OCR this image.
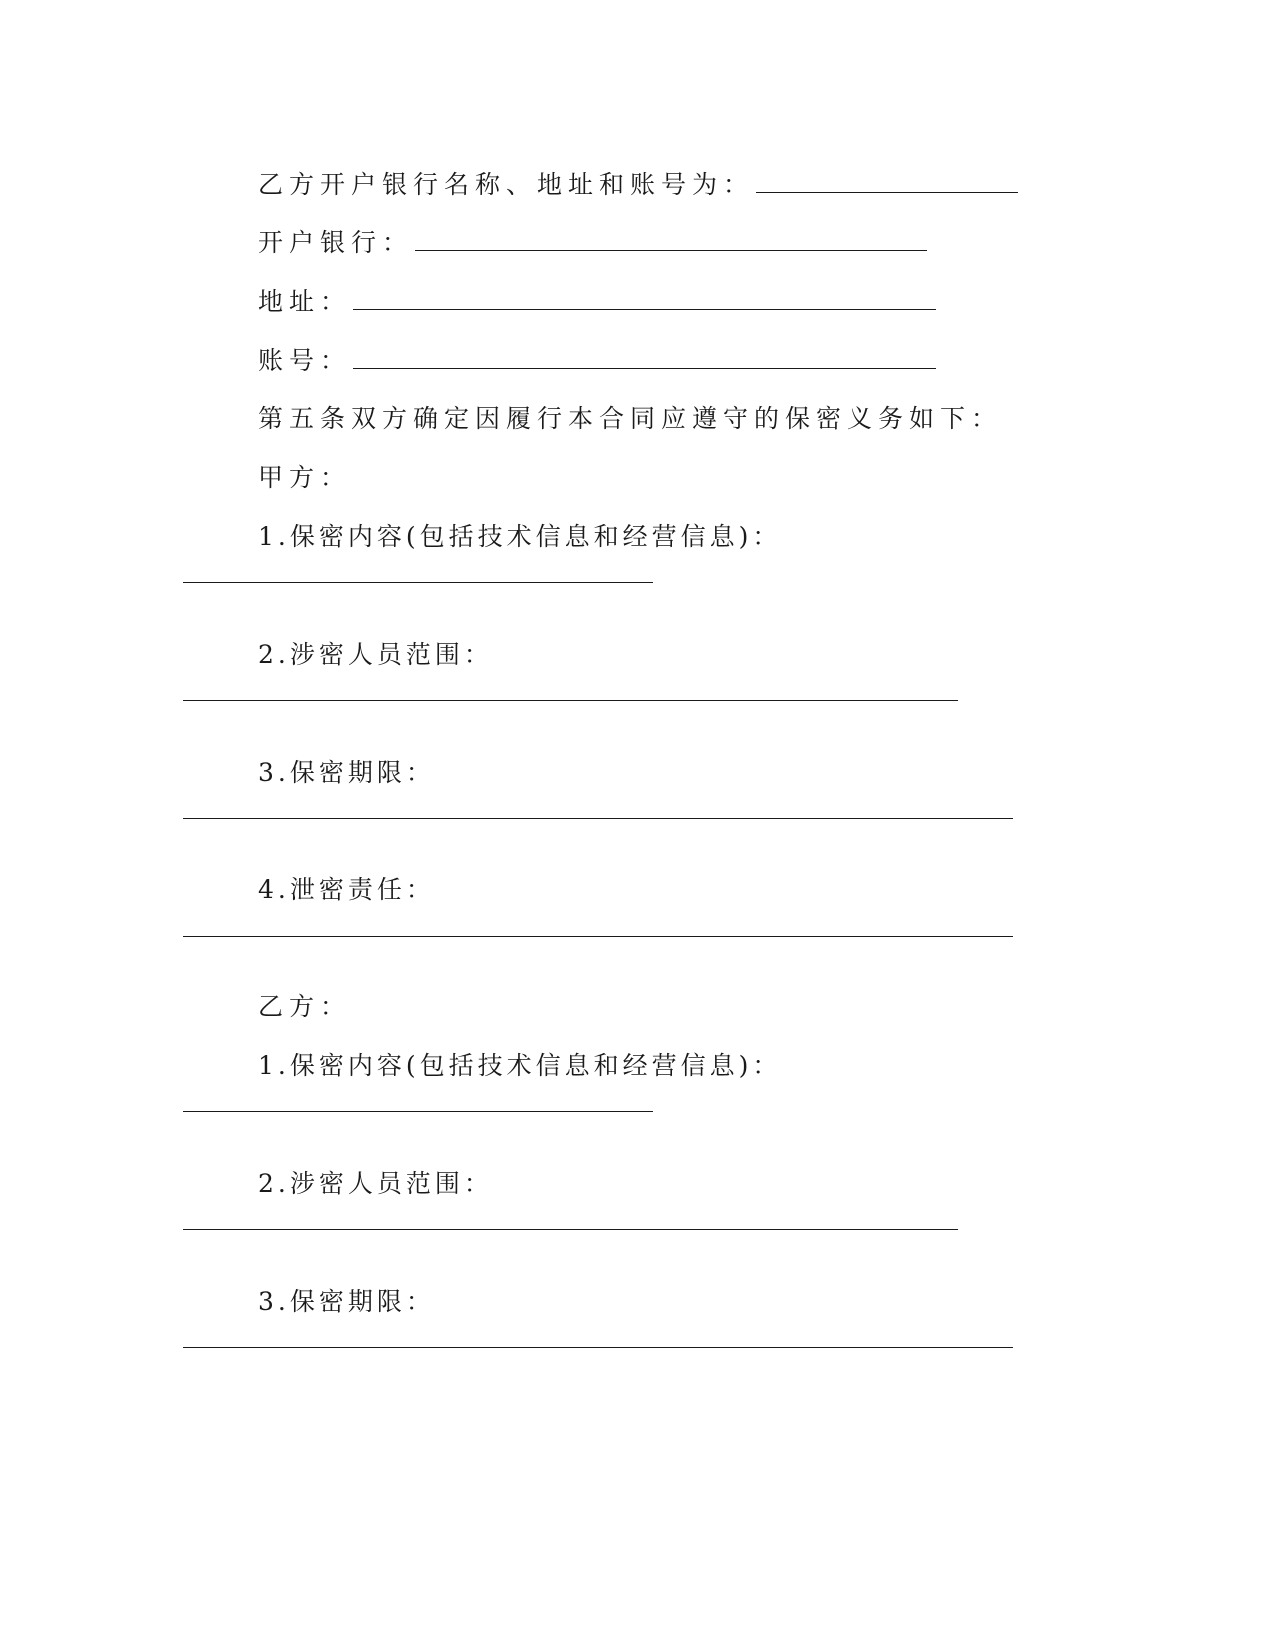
乙方开户银行名称、地址和账号为：
开户银行：
地址：
账号：
第五条双方确定因履行本合同应遵守的保密义务如下：
甲方：
1.保密内容(包括技术信息和经营信息)：
2.涉密人员范围：
3.保密期限：
4.泄密责任：
乙方：
1.保密内容(包括技术信息和经营信息)：
2.涉密人员范围：
3.保密期限：
